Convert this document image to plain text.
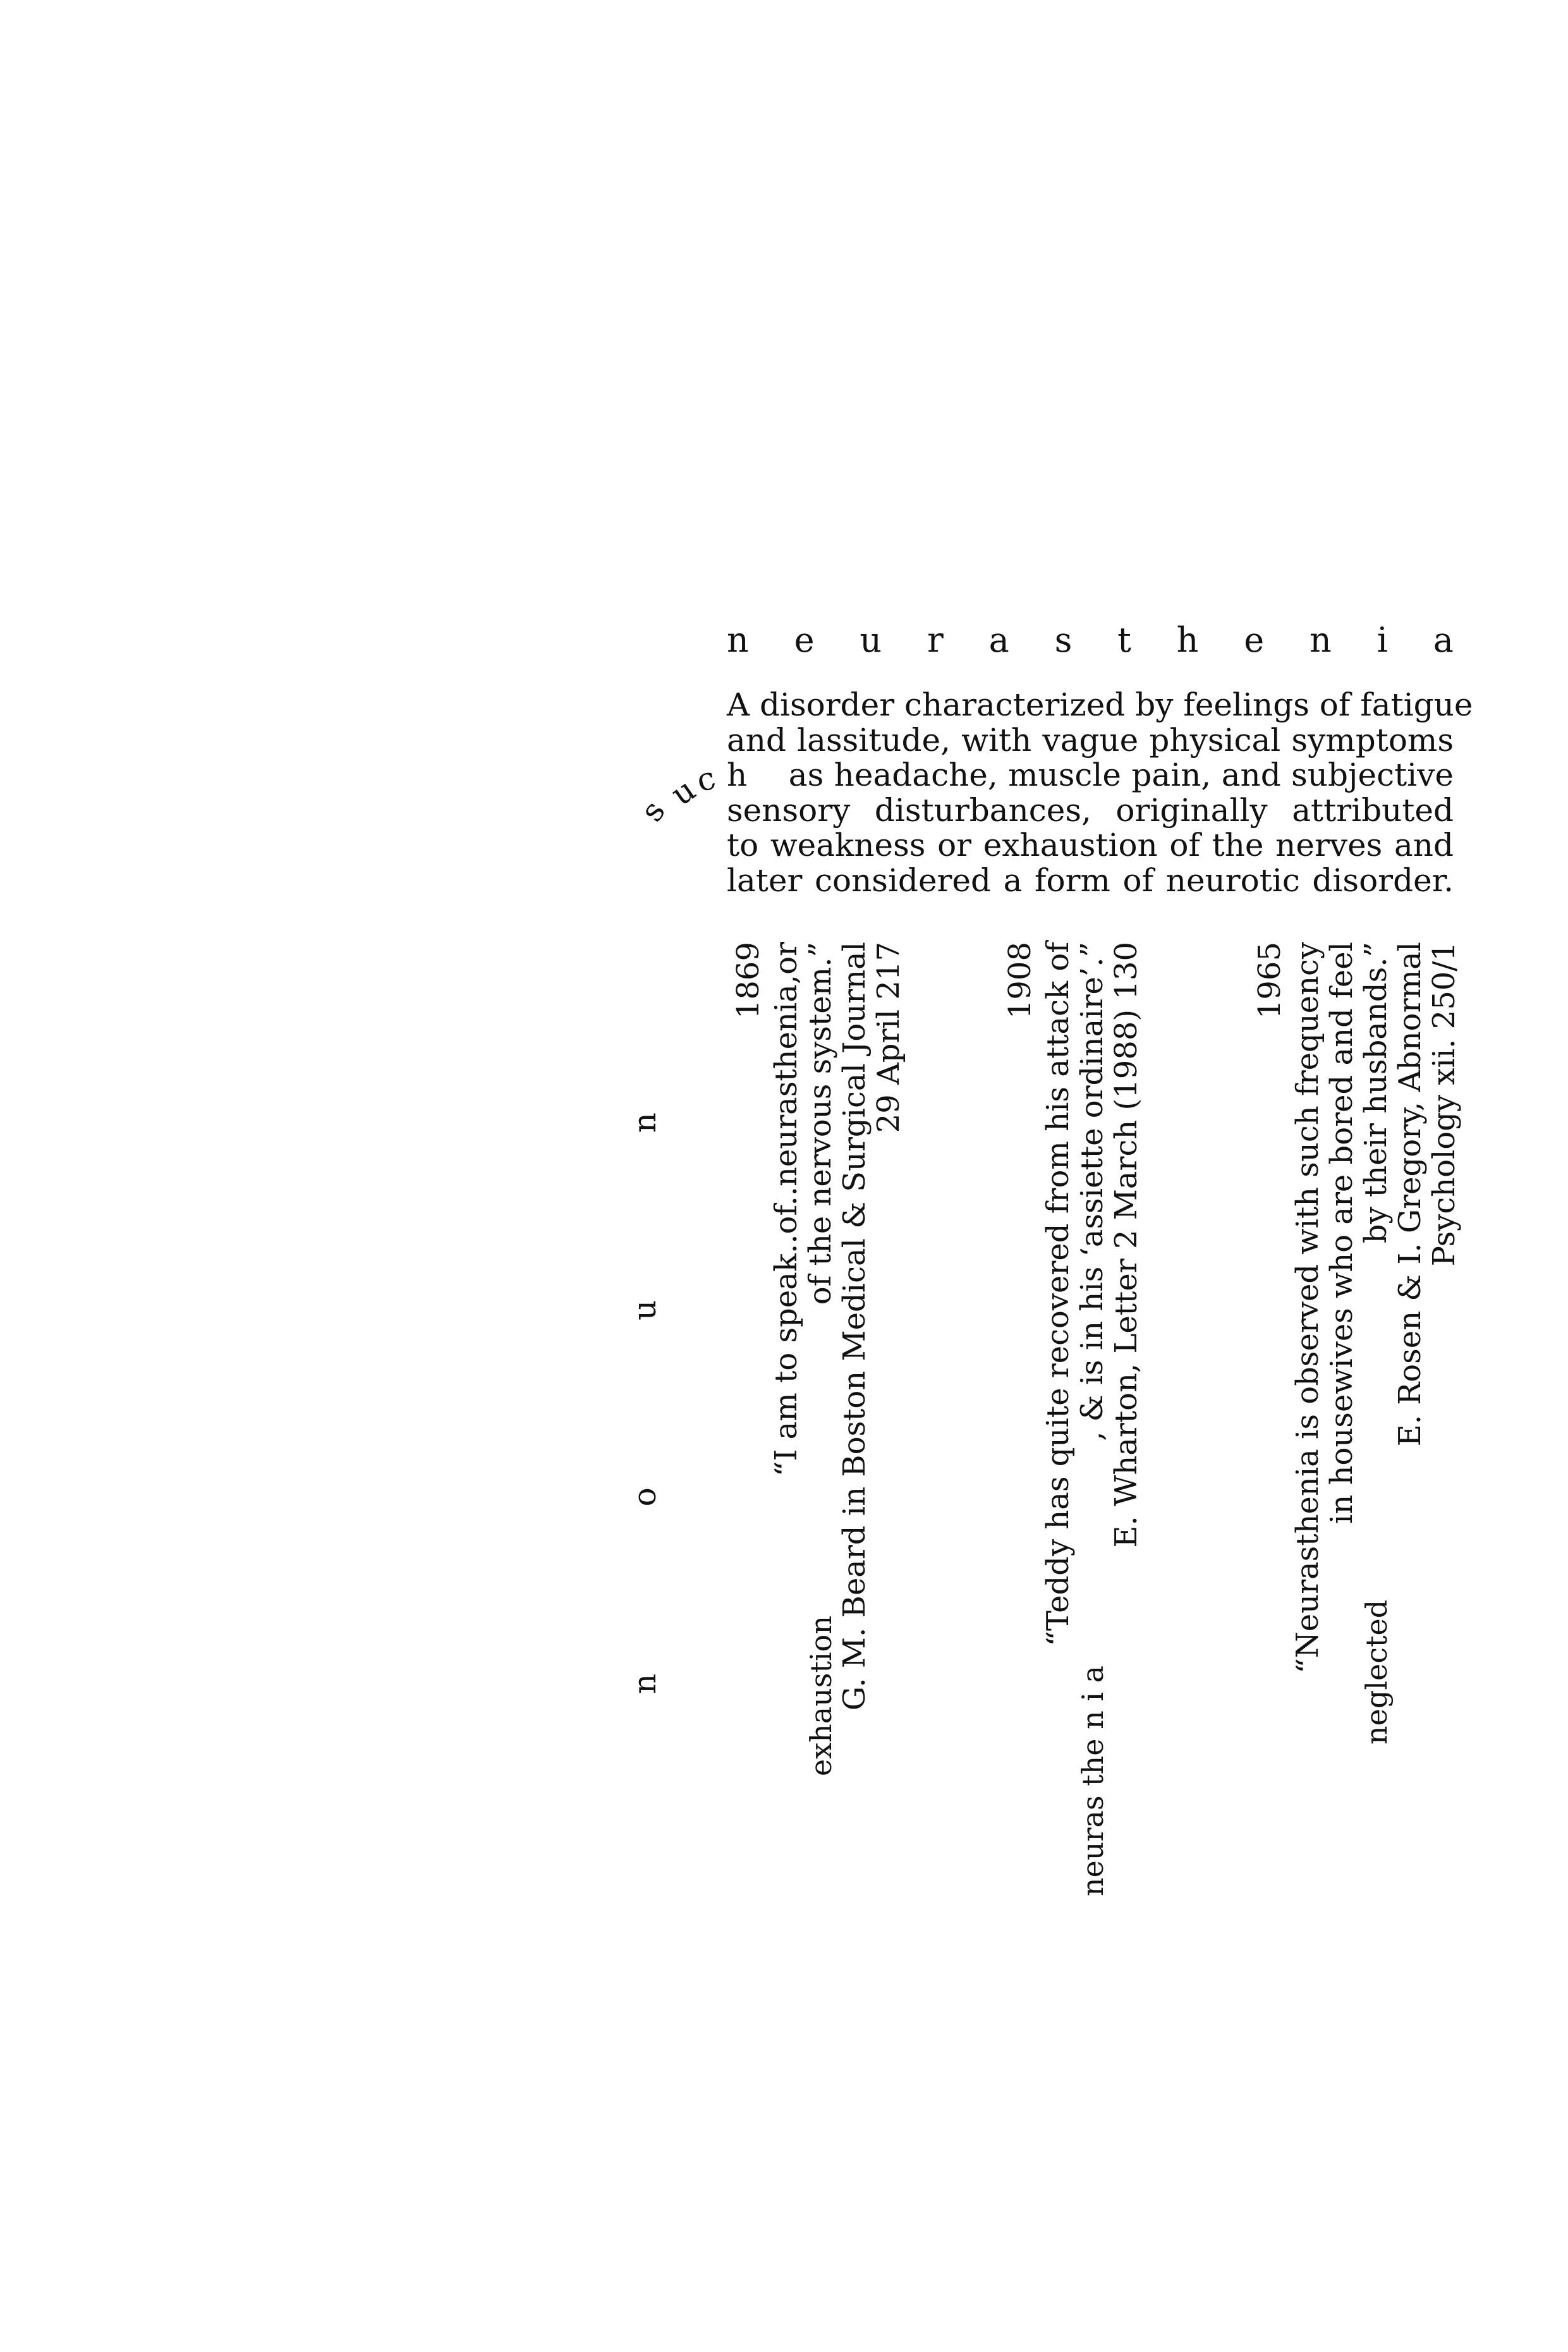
n e u r a s t h e n i a
A disorder characterized by feelings of fatigue
and lassitude, with vague physical symptoms
h    as headache, muscle pain, and subjective
sensory disturbances, originally attributed
to weakness or exhaustion of the nerves and
later considered a form of neurotic disorder.
s
u
c
n
o
u
n
1869 “I am to speak..of..neurasthenia,or
exhaustion
of the nervous system.”
G. M. Beard in Boston Medical & Surgical Journal
29 April 217	1908 “Teddy has quite recovered from his attack of
neuras the n i a
, & is in his ‘assiette ordinaire’.”
E. Wharton, Letter 2 March (1988) 130	1965 “Neurasthenia is observed with such frequency
in housewives who are bored and feel
neglected
by their husbands.”
E. Rosen & I. Gregory, Abnormal
Psychology xii. 250/1
